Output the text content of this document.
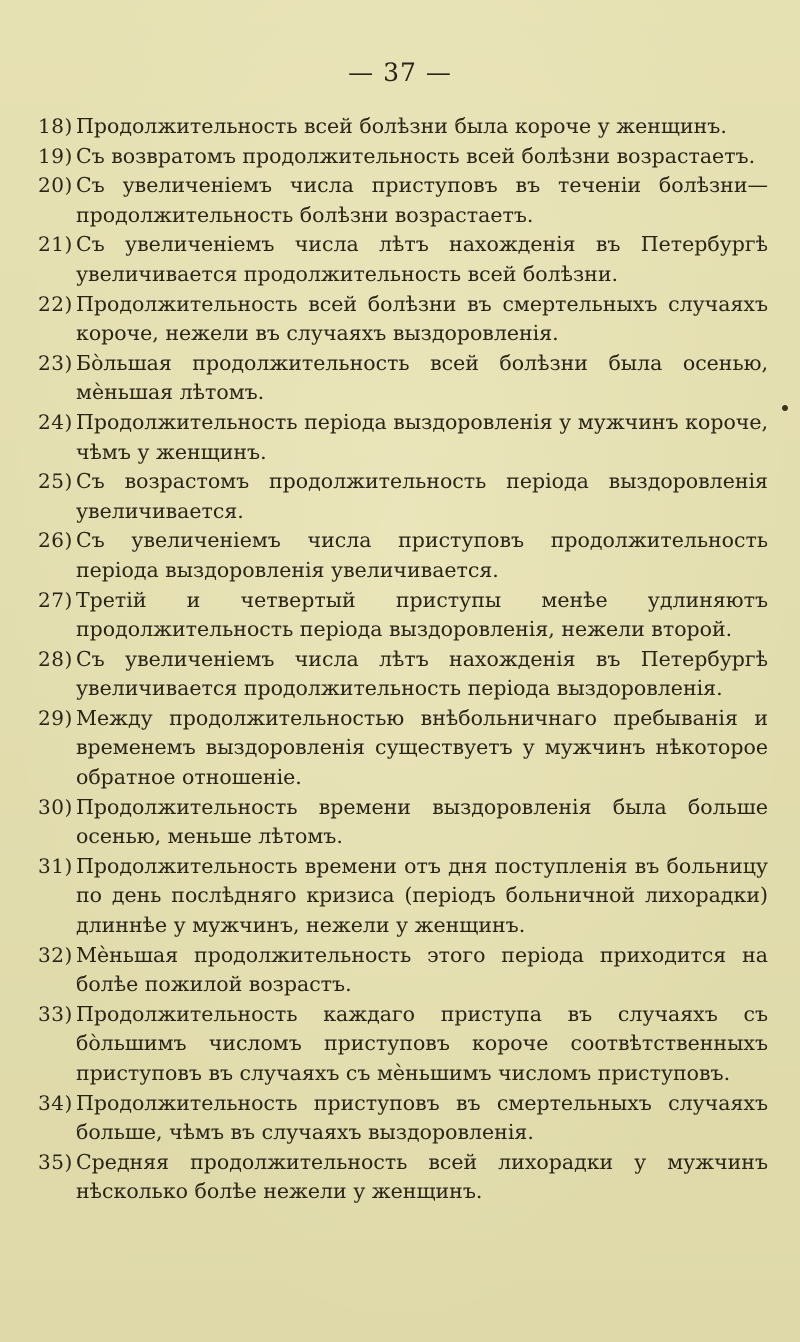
— 37 —
18) Продолжительность всей болѣзни была короче у женщинъ.
19) Съ возвратомъ продолжительность всей болѣзни возрастаетъ.
20) Съ увеличеніемъ числа приступовъ въ теченіи болѣзни—продолжительность болѣзни возрастаетъ.
21) Съ увеличеніемъ числа лѣтъ нахожденія въ Петербургѣ увеличивается продолжительность всей болѣзни.
22) Продолжительность всей болѣзни въ смертельныхъ случаяхъ короче, нежели въ случаяхъ выздоровленія.
23) Бо̀льшая продолжительность всей болѣзни была осенью, мѐньшая лѣтомъ.
24) Продолжительность періода выздоровленія у мужчинъ короче, чѣмъ у женщинъ.
25) Съ возрастомъ продолжительность періода выздоровленія увеличивается.
26) Съ увеличеніемъ числа приступовъ продолжительность періода выздоровленія увеличивается.
27) Третій и четвертый приступы менѣе удлиняютъ продолжительность періода выздоровленія, нежели второй.
28) Съ увеличеніемъ числа лѣтъ нахожденія въ Петербургѣ увеличивается продолжительность періода выздоровленія.
29) Между продолжительностью внѣбольничнаго пребыванія и временемъ выздоровленія существуетъ у мужчинъ нѣкоторое обратное отношеніе.
30) Продолжительность времени выздоровленія была больше осенью, меньше лѣтомъ.
31) Продолжительность времени отъ дня поступленія въ больницу по день послѣдняго кризиса (періодъ больничной лихорадки) длиннѣе у мужчинъ, нежели у женщинъ.
32) Мѐньшая продолжительность этого періода приходится на болѣе пожилой возрастъ.
33) Продолжительность каждаго приступа въ случаяхъ съ бо̀льшимъ числомъ приступовъ короче соотвѣтственныхъ приступовъ въ случаяхъ съ мѐньшимъ числомъ приступовъ.
34) Продолжительность приступовъ въ смертельныхъ случаяхъ больше, чѣмъ въ случаяхъ выздоровленія.
35) Средняя продолжительность всей лихорадки у мужчинъ нѣсколько болѣе нежели у женщинъ.
